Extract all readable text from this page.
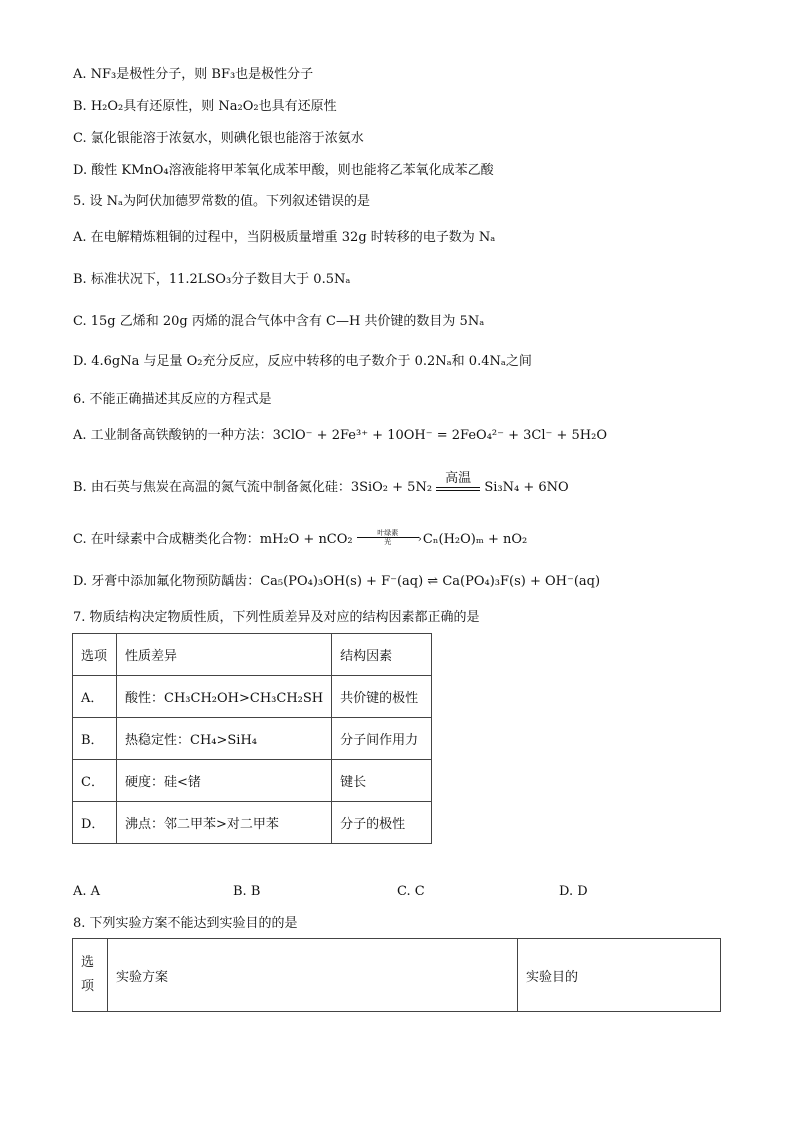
A. NF₃是极性分子，则 BF₃也是极性分子
B. H₂O₂具有还原性，则 Na₂O₂也具有还原性
C. 氯化银能溶于浓氨水，则碘化银也能溶于浓氨水
D. 酸性 KMnO₄溶液能将甲苯氧化成苯甲酸，则也能将乙苯氧化成苯乙酸
5. 设 Nₐ为阿伏加德罗常数的值。下列叙述错误的是
A. 在电解精炼粗铜的过程中，当阴极质量增重 32g 时转移的电子数为 Nₐ
B. 标准状况下，11.2LSO₃分子数目大于 0.5Nₐ
C. 15g 乙烯和 20g 丙烯的混合气体中含有 C—H 共价键的数目为 5Nₐ
D. 4.6gNa 与足量 O₂充分反应，反应中转移的电子数介于 0.2Nₐ和 0.4Nₐ之间
6. 不能正确描述其反应的方程式是
A. 工业制备高铁酸钠的一种方法：3ClO⁻ + 2Fe³⁺ + 10OH⁻ = 2FeO₄²⁻ + 3Cl⁻ + 5H₂O
B. 由石英与焦炭在高温的氮气流中制备氮化硅：3SiO₂ + 5N₂
高温
Si₃N₄ + 6NO
C. 在叶绿素中合成糖类化合物：mH₂O + nCO₂	叶绿素
›
光	Cₙ(H₂O)ₘ + nO₂
D. 牙膏中添加氟化物预防龋齿：Ca₅(PO₄)₃OH(s) + F⁻(aq) ⇌ Ca(PO₄)₃F(s) + OH⁻(aq)
7. 物质结构决定物质性质，下列性质差异及对应的结构因素都正确的是
选项	性质差异	结构因素
A．	酸性：CH₃CH₂OH>CH₃CH₂SH	共价键的极性
B．	热稳定性：CH₄>SiH₄	分子间作用力
C．	硬度：硅<锗	键长
D．	沸点：邻二甲苯>对二甲苯	分子的极性
A. A	B. B	C. C	D. D
8. 下列实验方案不能达到实验目的的是
选
项	实验方案	实验目的
